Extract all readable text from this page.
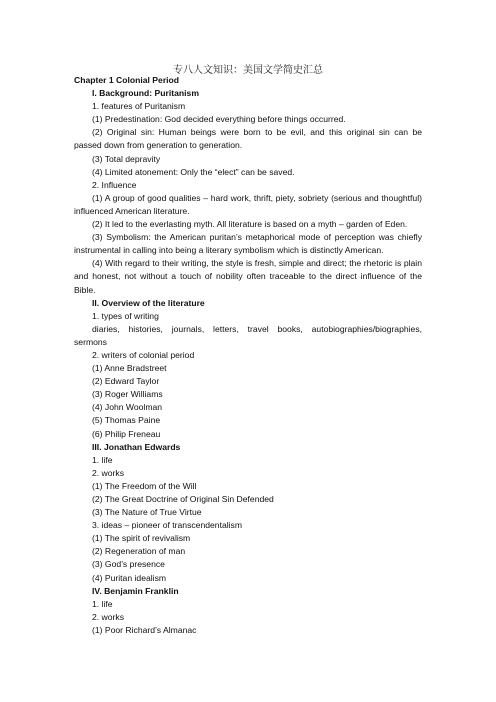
专八人文知识：美国文学简史汇总

Chapter 1 Colonial Period

I. Background: Puritanism

1. features of Puritanism

(1) Predestination: God decided everything before things occurred.

(2) Original sin: Human beings were born to be evil, and this original sin can be passed down from generation to generation.

(3) Total depravity

(4) Limited atonement: Only the “elect” can be saved.

2. Influence

(1) A group of good qualities – hard work, thrift, piety, sobriety (serious and thoughtful) influenced American literature.

(2) It led to the everlasting myth. All literature is based on a myth – garden of Eden.

(3) Symbolism: the American puritan’s metaphorical mode of perception was chiefly instrumental in calling into being a literary symbolism which is distinctly American.

(4) With regard to their writing, the style is fresh, simple and direct; the rhetoric is plain and honest, not without a touch of nobility often traceable to the direct influence of the Bible.

II. Overview of the literature

1. types of writing

diaries, histories, journals, letters, travel books, autobiographies/biographies,

sermons

2. writers of colonial period

(1) Anne Bradstreet

(2) Edward Taylor

(3) Roger Williams

(4) John Woolman

(5) Thomas Paine

(6) Philip Freneau

III. Jonathan Edwards

1. life

2. works

(1) The Freedom of the Will

(2) The Great Doctrine of Original Sin Defended

(3) The Nature of True Virtue

3. ideas – pioneer of transcendentalism

(1) The spirit of revivalism

(2) Regeneration of man

(3) God’s presence

(4) Puritan idealism

IV. Benjamin Franklin

1. life

2. works

(1) Poor Richard’s Almanac
